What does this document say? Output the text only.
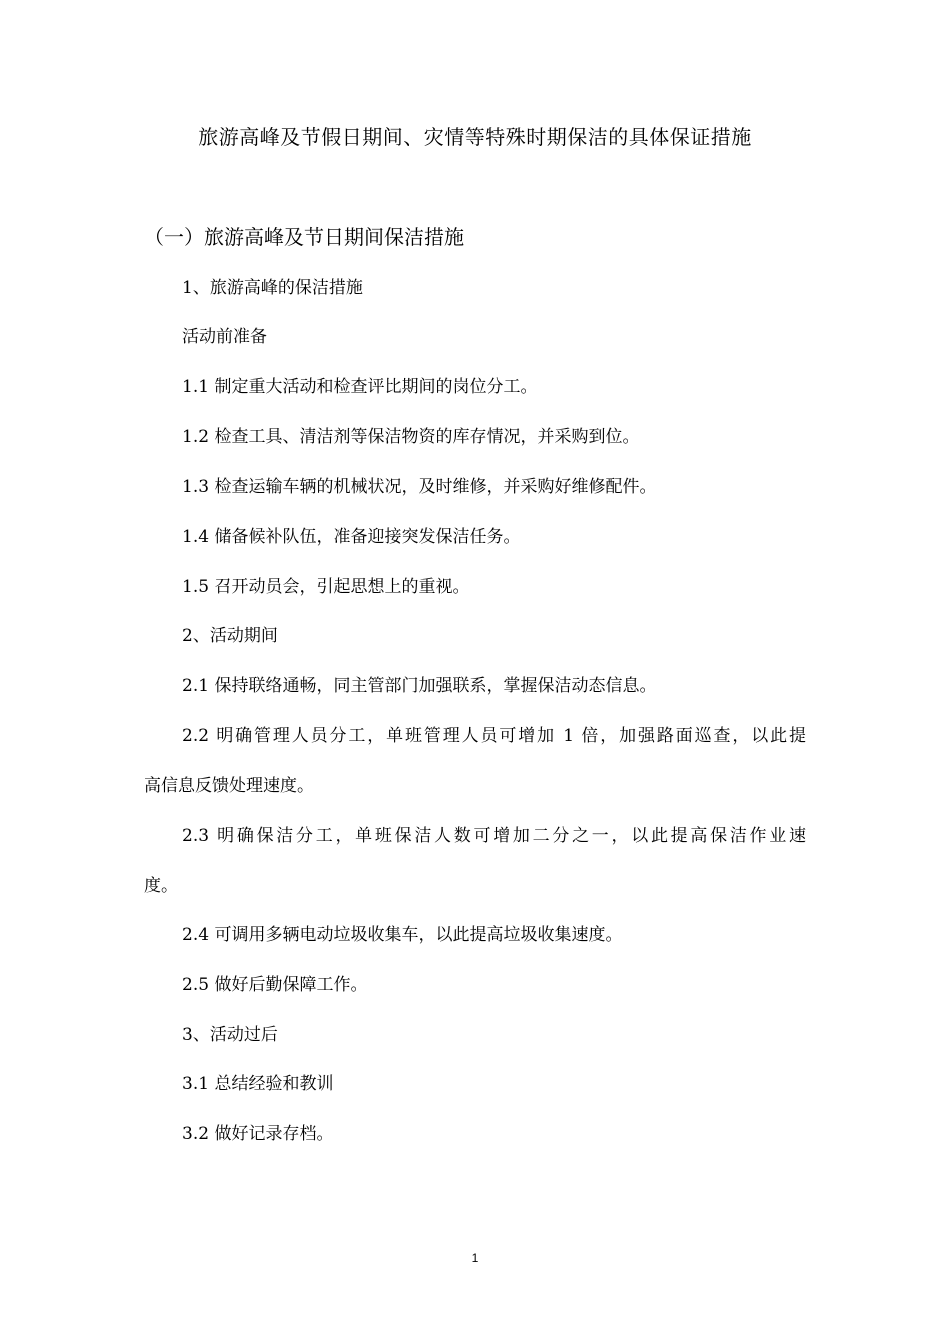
旅游高峰及节假日期间、灾情等特殊时期保洁的具体保证措施
（一）旅游高峰及节日期间保洁措施
1、旅游高峰的保洁措施
活动前准备
1.1 制定重大活动和检查评比期间的岗位分工。
1.2 检查工具、清洁剂等保洁物资的库存情况，并采购到位。
1.3 检查运输车辆的机械状况，及时维修，并采购好维修配件。
1.4 储备候补队伍，准备迎接突发保洁任务。
1.5 召开动员会，引起思想上的重视。
2、活动期间
2.1 保持联络通畅，同主管部门加强联系，掌握保洁动态信息。
2.2 明确管理人员分工，单班管理人员可增加 1 倍，加强路面巡查，以此提
高信息反馈处理速度。
2.3 明确保洁分工，单班保洁人数可增加二分之一，以此提高保洁作业速
度。
2.4 可调用多辆电动垃圾收集车，以此提高垃圾收集速度。
2.5 做好后勤保障工作。
3、活动过后
3.1 总结经验和教训
3.2 做好记录存档。
1
